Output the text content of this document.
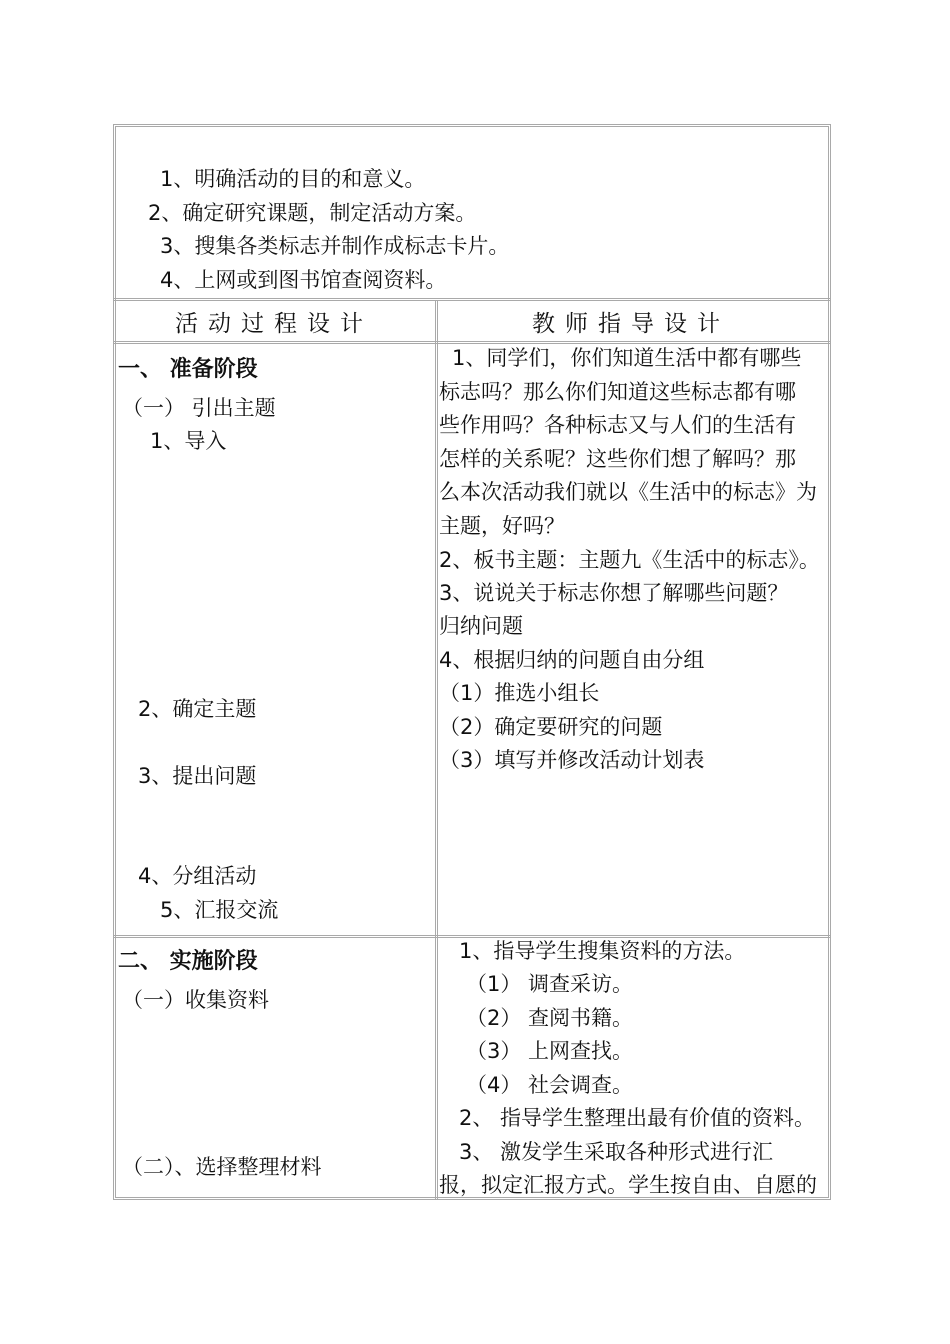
1、明确活动的目的和意义。
2、确定研究课题，制定活动方案。
3、搜集各类标志并制作成标志卡片。
4、上网或到图书馆查阅资料。
活动过程设计	教师指导设计
一、 准备阶段
（一） 引出主题
1、导入
2、确定主题
3、提出问题
4、分组活动
5、汇报交流
1、同学们，你们知道生活中都有哪些
标志吗？那么你们知道这些标志都有哪
些作用吗？各种标志又与人们的生活有
怎样的关系呢？这些你们想了解吗？那
么本次活动我们就以《生活中的标志》为
主题，好吗？
2、板书主题：主题九《生活中的标志》。
3、说说关于标志你想了解哪些问题？
归纳问题
4、根据归纳的问题自由分组
（1）推选小组长
（2）确定要研究的问题
（3）填写并修改活动计划表
二、 实施阶段
（一）收集资料
（二）、选择整理材料
1、指导学生搜集资料的方法。
（1） 调查采访。
（2） 查阅书籍。
（3） 上网查找。
（4） 社会调查。
2、 指导学生整理出最有价值的资料。
3、 激发学生采取各种形式进行汇
报，拟定汇报方式。学生按自由、自愿的
